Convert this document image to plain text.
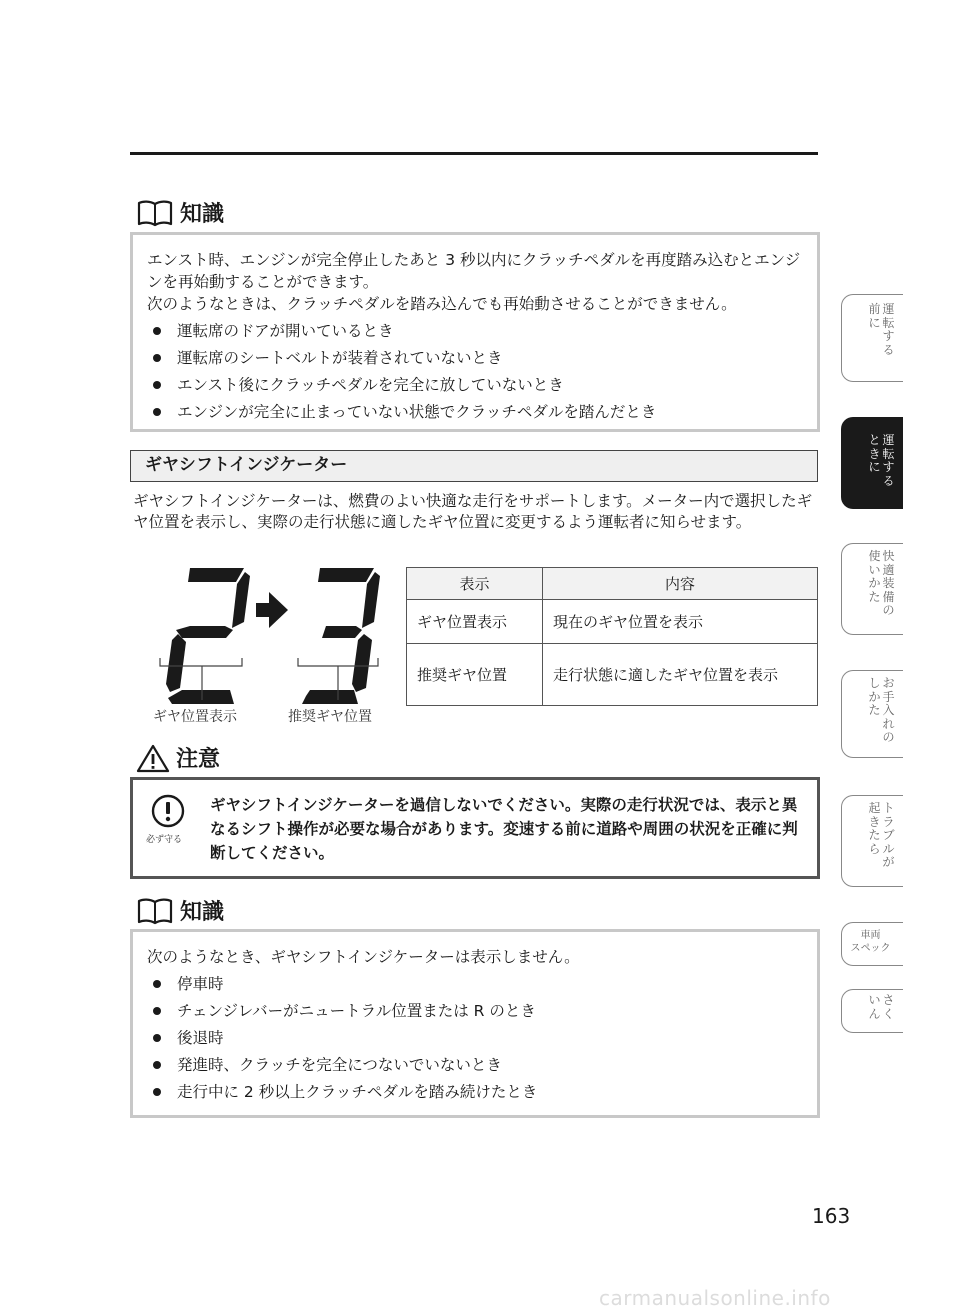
知識

エンスト時、エンジンが完全停止したあと 3 秒以内にクラッチペダルを再度踏み込むとエンジンを再始動することができます。

次のようなときは、クラッチペダルを踏み込んでも再始動させることができません。

運転席のドアが開いているとき
運転席のシートベルトが装着されていないとき
エンスト後にクラッチペダルを完全に放していないとき
エンジンが完全に止まっていない状態でクラッチペダルを踏んだとき
ギヤシフトインジケーター
ギヤシフトインジケーターは、燃費のよい快適な走行をサポートします。メーター内で選択したギヤ位置を表示し、実際の走行状態に適したギヤ位置に変更するよう運転者に知らせます。
ギヤ位置表示	推奨ギヤ位置
表示	内容
ギヤ位置表示	現在のギヤ位置を表示
推奨ギヤ位置	走行状態に適したギヤ位置を表示
注意
必ず守る
ギヤシフトインジケーターを過信しないでください。実際の走行状況では、表示と異なるシフト操作が必要な場合があります。変速する前に道路や周囲の状況を正確に判断してください。
知識

次のようなとき、ギヤシフトインジケーターは表示しません。

停車時
チェンジレバーがニュートラル位置または R のとき
後退時
発進時、クラッチを完全につないでいないとき
走行中に 2 秒以上クラッチペダルを踏み続けたとき
運転する
前に
運転する
ときに
快適装備の
使いかた
お手入れの
しかた
トラブルが
起きたら
車両
スペック
さく
いん
163
carmanualsonline.info
